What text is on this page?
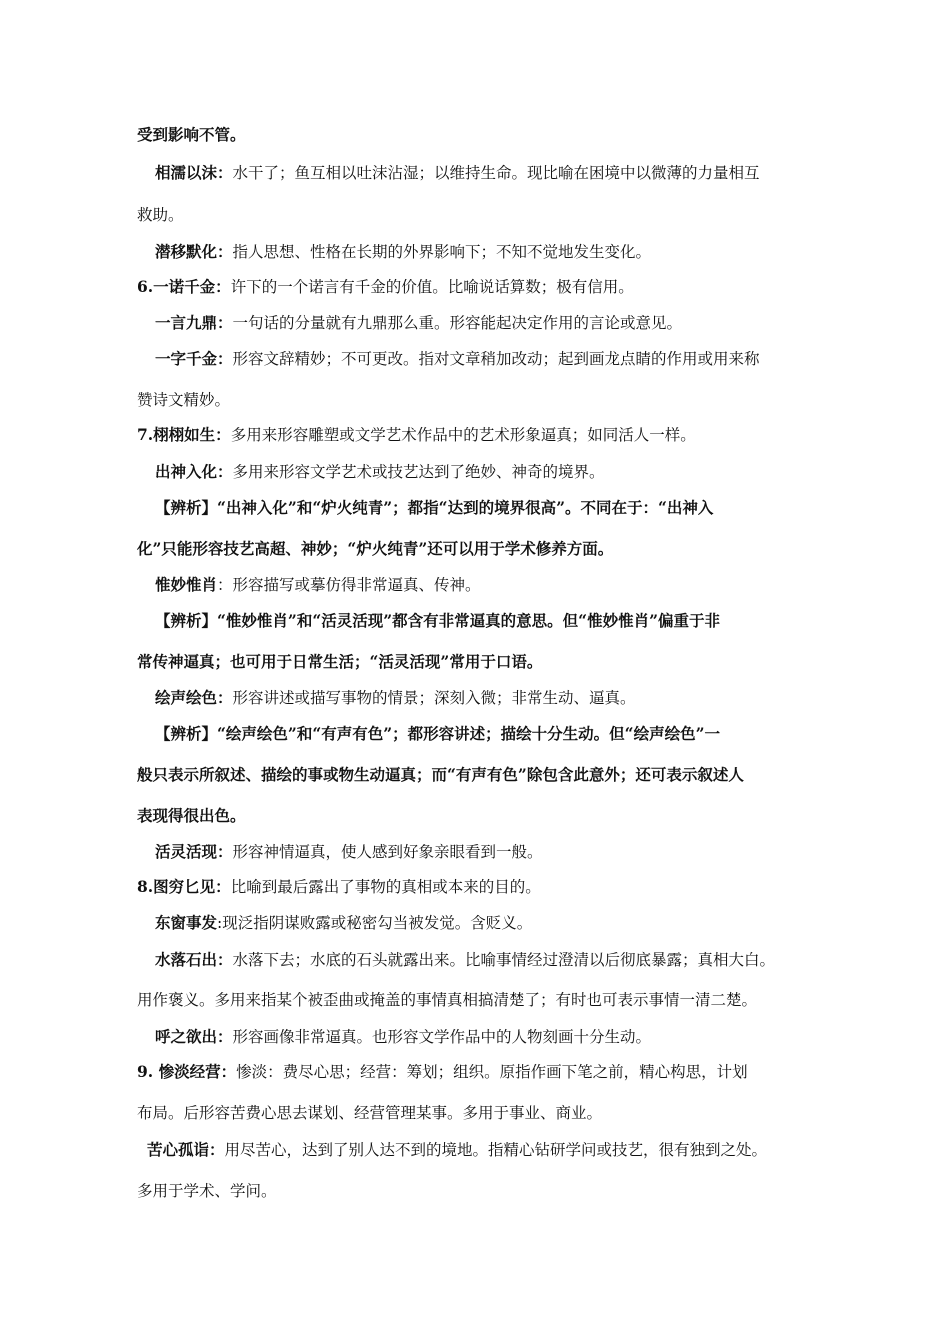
受到影响不管。
相濡以沫：水干了；鱼互相以吐沫沾湿；以维持生命。现比喻在困境中以微薄的力量相互
救助。
潜移默化：指人思想、性格在长期的外界影响下；不知不觉地发生变化。
6.一诺千金：许下的一个诺言有千金的价值。比喻说话算数；极有信用。
一言九鼎：一句话的分量就有九鼎那么重。形容能起决定作用的言论或意见。
一字千金：形容文辞精妙；不可更改。指对文章稍加改动；起到画龙点睛的作用或用来称
赞诗文精妙。
7.栩栩如生：多用来形容雕塑或文学艺术作品中的艺术形象逼真；如同活人一样。
出神入化：多用来形容文学艺术或技艺达到了绝妙、神奇的境界。
【辨析】“出神入化”和“炉火纯青”；都指“达到的境界很高”。不同在于：“出神入
化”只能形容技艺高超、神妙；“炉火纯青”还可以用于学术修养方面。
惟妙惟肖：形容描写或摹仿得非常逼真、传神。
【辨析】“惟妙惟肖”和“活灵活现”都含有非常逼真的意思。但“惟妙惟肖”偏重于非
常传神逼真；也可用于日常生活；“活灵活现”常用于口语。
绘声绘色：形容讲述或描写事物的情景；深刻入微；非常生动、逼真。
【辨析】“绘声绘色”和“有声有色”；都形容讲述；描绘十分生动。但“绘声绘色”一
般只表示所叙述、描绘的事或物生动逼真；而“有声有色”除包含此意外；还可表示叙述人
表现得很出色。
活灵活现：形容神情逼真，使人感到好象亲眼看到一般。
8.图穷匕见：比喻到最后露出了事物的真相或本来的目的。
东窗事发:现泛指阴谋败露或秘密勾当被发觉。含贬义。
水落石出：水落下去；水底的石头就露出来。比喻事情经过澄清以后彻底暴露；真相大白。
用作褒义。多用来指某个被歪曲或掩盖的事情真相搞清楚了；有时也可表示事情一清二楚。
呼之欲出：形容画像非常逼真。也形容文学作品中的人物刻画十分生动。
9. 惨淡经营：惨淡：费尽心思；经营：筹划；组织。原指作画下笔之前，精心构思，计划
布局。后形容苦费心思去谋划、经营管理某事。多用于事业、商业。
苦心孤诣：用尽苦心，达到了别人达不到的境地。指精心钻研学问或技艺，很有独到之处。
多用于学术、学问。
